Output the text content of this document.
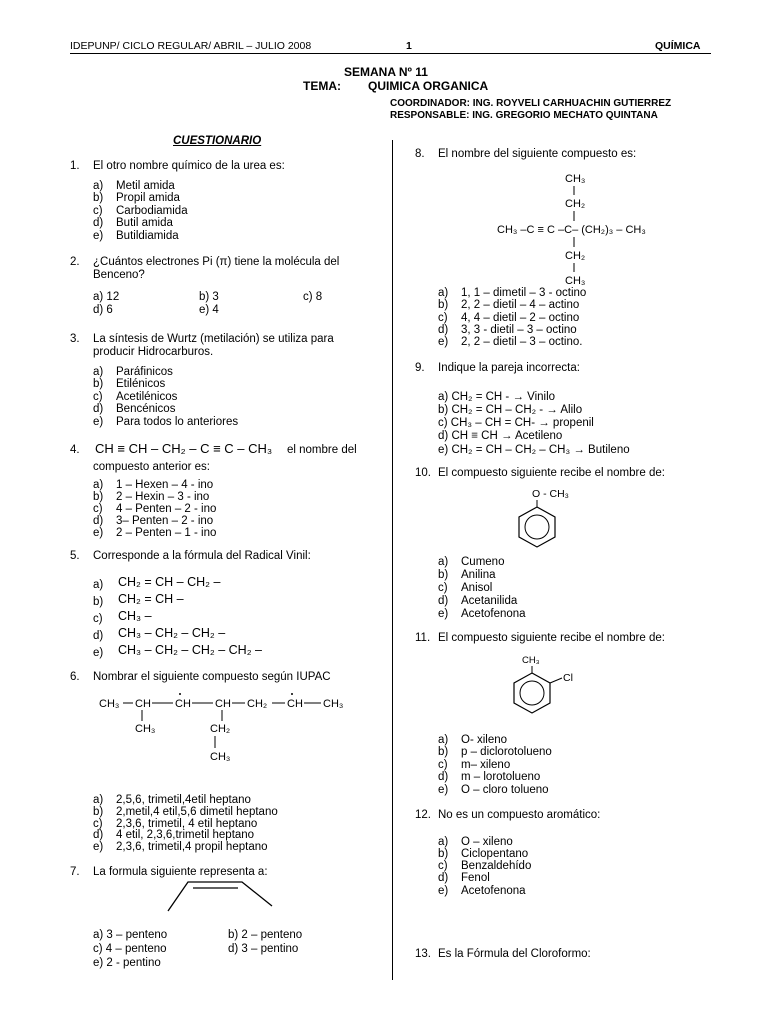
IDEPUNP/ CICLO REGULAR/ ABRIL – JULIO 2008	1	QUÍMICA
SEMANA Nº 11
TEMA: QUIMICA ORGANICA
COORDINADOR: ING. ROYVELI CARHUACHIN GUTIERREZ
RESPONSABLE: ING. GREGORIO MECHATO QUINTANA
CUESTIONARIO
1. El otro nombre químico de la urea es:
a) Metil amida
b) Propil amida
c) Carbodiamida
d) Butil amida
e) Butildiamida
2. ¿Cuántos electrones Pi (π) tiene la molécula del
Benceno?
a) 12	b) 3	c) 8
d) 6	e) 4
3. La síntesis de Wurtz (metilación) se utiliza para
producir Hidrocarburos.
a) Paráfinicos
b) Etilénicos
c) Acetilénicos
d) Bencénicos
e) Para todos lo anteriores
4. CH ≡ CH – CH₂ – C ≡ C – CH₃ el nombre del
compuesto anterior es:
a) 1 – Hexen – 4 - ino
b) 2 – Hexin – 3 - ino
c) 4 – Penten – 2 - ino
d) 3– Penten – 2 - ino
e) 2 – Penten – 1 - ino
5. Corresponde a la fórmula del Radical Vinil:
a) CH₂ = CH – CH₂ –
b) CH₂ = CH –
c) CH₃ –
d) CH₃ – CH₂ – CH₂ –
e) CH₃ – CH₂ – CH₂ – CH₂ –
6. Nombrar el siguiente compuesto según IUPAC
CH₃ CH CH CH CH₂ CH CH₃
CH₃	CH₂
CH₃
a) 2,5,6, trimetil,4etil heptano
b) 2,metil,4 etil,5,6 dimetil heptano
c) 2,3,6, trimetil, 4 etil heptano
d) 4 etil, 2,3,6,trimetil heptano
e) 2,3,6, trimetil,4 propil heptano
7. La formula siguiente representa a:
a) 3 – penteno	b) 2 – penteno
c) 4 – penteno	d) 3 – pentino
e) 2 - pentino
8. El nombre del siguiente compuesto es:
CH₃
CH₂
CH₃ –C ≡ C –C– (CH₂)₃ – CH₃
CH₂
CH₃
a) 1, 1 – dimetil – 3 - octino
b) 2, 2 – dietil – 4 – actino
c) 4, 4 – dietil – 2 – octino
d) 3, 3 - dietil – 3 – octino
e) 2, 2 – dietil – 3 – octino.
9. Indique la pareja incorrecta:
a) CH₂ = CH - → Vinilo
b) CH₂ = CH – CH₂ - → Alilo
c) CH₃ – CH = CH- → propenil
d) CH ≡ CH → Acetileno
e) CH₂ = CH – CH₂ – CH₃ → Butileno
10. El compuesto siguiente recibe el nombre de:
O - CH₃
a) Cumeno
b) Anilina
c) Anisol
d) Acetanilida
e) Acetofenona
11. El compuesto siguiente recibe el nombre de:
CH₃
Cl
a) O- xileno
b) p – diclorotolueno
c) m– xileno
d) m – lorotolueno
e) O – cloro tolueno
12. No es un compuesto aromático:
a) O – xileno
b) Ciclopentano
c) Benzaldehído
d) Fenol
e) Acetofenona
13. Es la Fórmula del Cloroformo:
